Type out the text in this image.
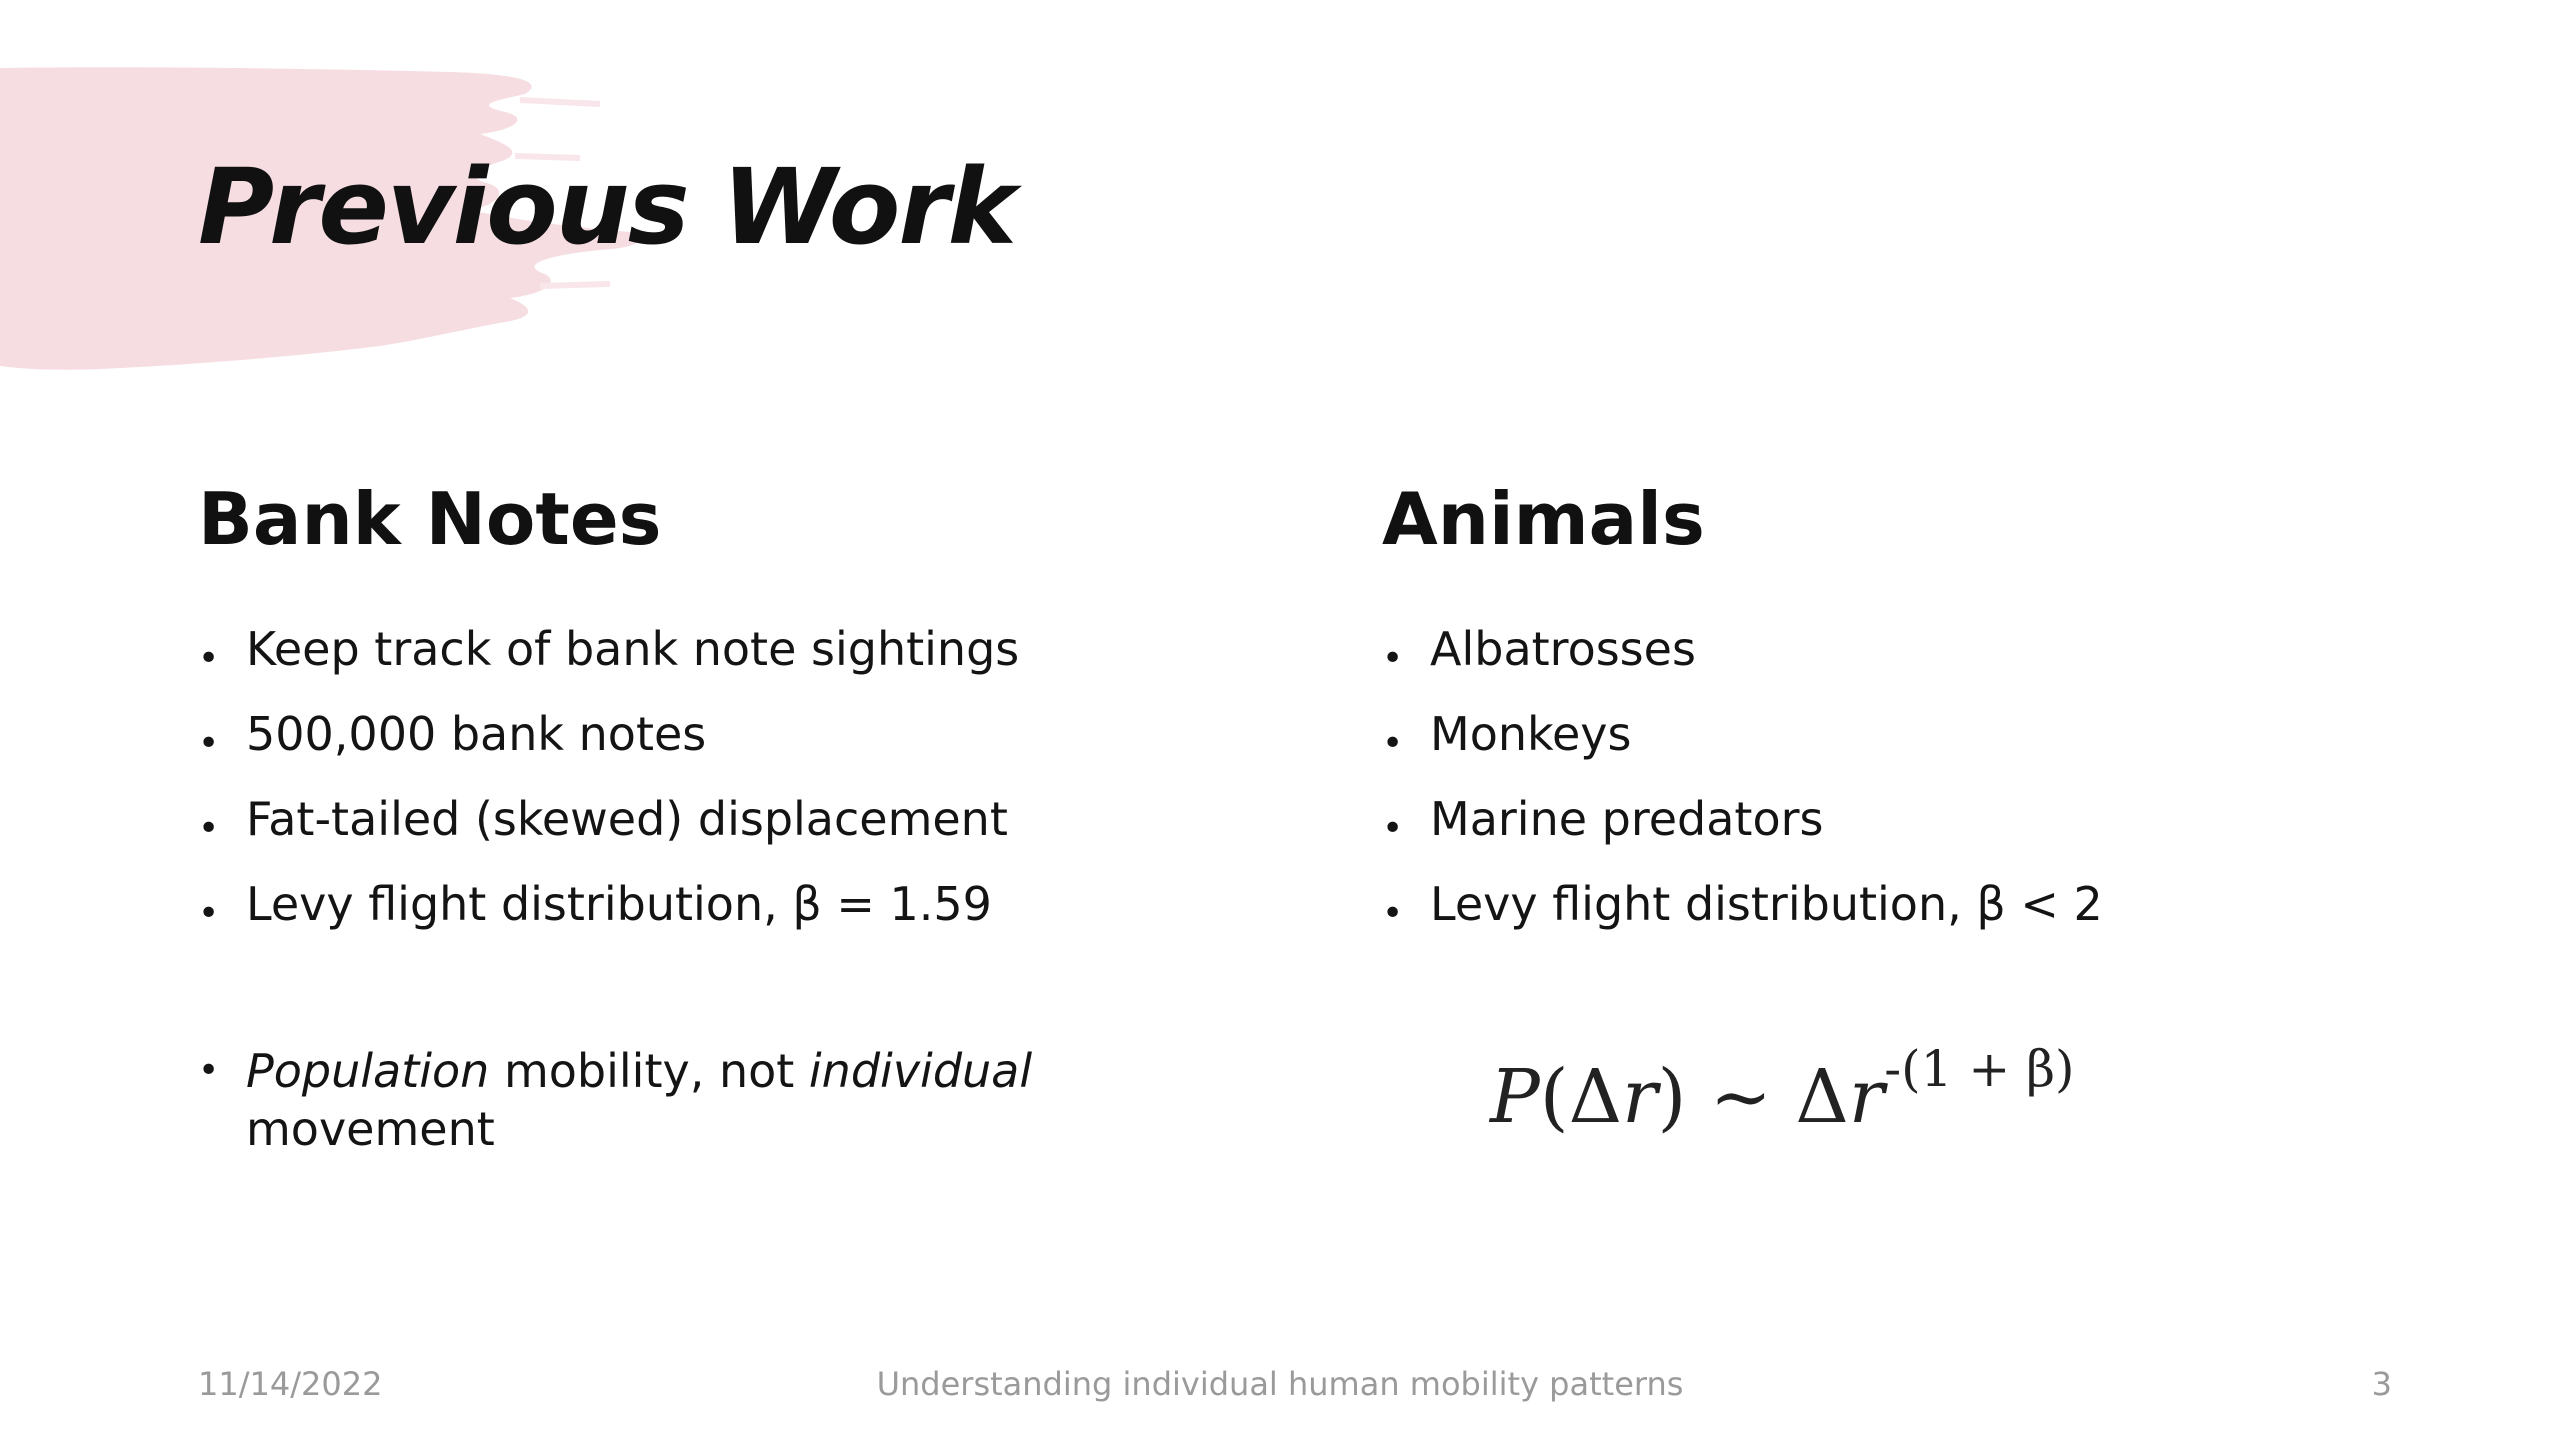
Previous Work
Bank Notes	Animals
• Keep track of bank note sightings
• 500,000 bank notes
• Fat-tailed (skewed) displacement
• Levy flight distribution, β = 1.59
• Population mobility, not individual movement
• Albatrosses
• Monkeys
• Marine predators
• Levy flight distribution, β < 2
P(Δr) ~ $\Delta r^{-(1 + \beta)}$
11/14/2022	Understanding individual human mobility patterns	3
